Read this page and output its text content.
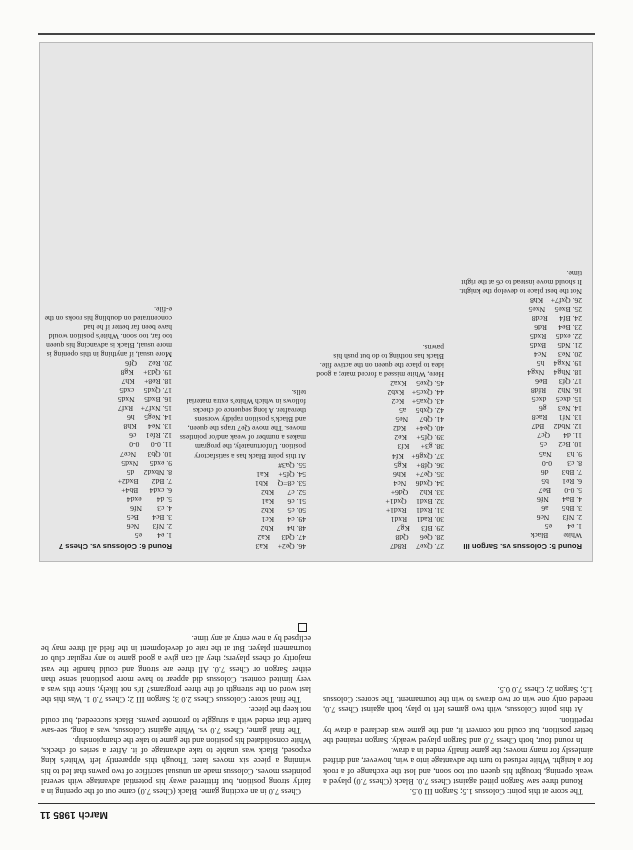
March 1985 11

The score at this point: Colossus 1.5; Sargon III 0.5.

Round three saw Sargon pitted against Chess 7.0. Black (Chess 7.0) played a weak opening, brought his queen out too soon, and lost the exchange of a rook for a knight. White refused to turn the advantage into a win, however, and drifted aimlessly for many moves; the game finally ended in a draw.

In round four, both Chess 7.0 and Sargon played weakly. Sargon retained the better position, but could not convert it, and the game was declared a draw by repetition.

At this point Colossus, with two games left to play, both against Chess 7.0, needed only one win or two draws to win the tournament. The scores: Colossus 1.5; Sargon 2; Chess 7.0 0.5.

Chess 7.0 in an exciting game. Black (Chess 7.0) came out of the opening in a fairly strong position, but fritttered away his potential advantage with several pointless moves. Colossus made an unusual sacrifice of two pawns that led to his winning a piece six moves later. Though this apparently left White's king exposed, Black was unable to take advantage of it. After a series of checks, White consolidated his position and the game to take the championship.

The final game, Chess 7.0 vs. White against Colossus, was a long, see-saw battle that ended with a struggle to promote pawns. Black succeeded, but could not keep the piece.

The final score: Colossus Chess 2.0 3; Sargon III 2; Chess 7.0 1. Was this the last word on the strength of the three programs? It's not likely, since this was a very limited contest. Colossus did appear to have more positional sense than either Sargon or Chess 7.0. All three are strong and could handle the vast majority of chess players; they all can give a good game to any regular club or tournament player. But at the rate of development in the field all three may be eclipsed by a new entry at any time.

Round 5: Colossus vs. Sargon III
White        Black
1. e4        e5
2. Nf3       Nc6
3. Bb5       a6
4. Ba4       Nf6
5. 0-0       Be7
6. Re1       b5
7. Bb3       d6
8. c3        0-0
9. h3        Na5
10. Bc2      c5
11. d4       Qc7
12. Nbd2     Bd7
13. Nf1      Rac8
14. Ne3      g6
15. dxc5     dxc5
16. Nh2      Rfd8
17. Qf3      Be6
18. Nhg4     Nxg4
19. Nxg4     h5
20. Ne3      Nc4
21. Nd5      Bxd5
22. exd5     Rxd5
23. Be4      Rd6
24. Bf4      Rcd8
25. Bxe5     Nxe5
26. Qxf7+    Kh8
Not the best place to develop the knight. It should move instead to c6 at the right time.
27. Qxe7     R8d7
28. Qe6      Qd8
29. Bf3      Kg7
30. Rad1     Rxd1
31. Rxd1     Rxd1+
32. Bxd1     Qxd1+
33. Kh2      Qd6+
34. Qxd6     Nc4
35. Qe7+     Kh6
36. Qf8+     Kg5
37. Qxg6+    Kf4
38. g3+      Kf3
39. Qf5+     Ke2
40. Qe4+     Kd2
41. Qb7      Ne5
42. Qxb5     a5
43. Qxa5+    Kc2
44. Qxc5+    Kxb2
45. Qxe5     Kxa2
Here, White missed a forced mate; a good idea to place the queen on the active file. Black has nothing to do but push his pawns.
46. Qe2+     Ka3
47. Qd3      Ka2
48. h4       Kb2
49. c4       Kc1
50. c5       Kb2
51. c6       Ka1
52. c7       Kb2
53. c8=Q     Kb1
54. Qf5+     Ka1
55. Qa3#
At this point Black has a satisfactory position. Unfortunately, the program makes a number of weak and/or pointless moves. The move Qe7 traps the queen, and Black's position rapidly worsens thereafter. A long sequence of checks follows in which White's extra material tells.
Round 6: Colossus vs. Chess 7
1. e4        e5
2. Nf3       Nc6
3. Bc4       Bc5
4. c3        Nf6
5. d4        exd4
6. cxd4      Bb4+
7. Bd2       Bxd2+
8. Nbxd2     d5
9. exd5      Nxd5
10. Qb3      Nce7
11. 0-0      0-0
12. Rfe1     c6
13. Ne4      Kh8
14. Neg5     h6
15. Nxf7+    Rxf7
16. Bxd5     Nxd5
17. Qxd5     cxd5
18. Re8+     Kh7
19. Qd3+     Kg8
20. Re2      Qf6
More usual, if anything in this opening is more usual, Black is advancing his queen too far, too soon. White's position would have been far better if he had concentrated on doubling his rooks on the e-file.
